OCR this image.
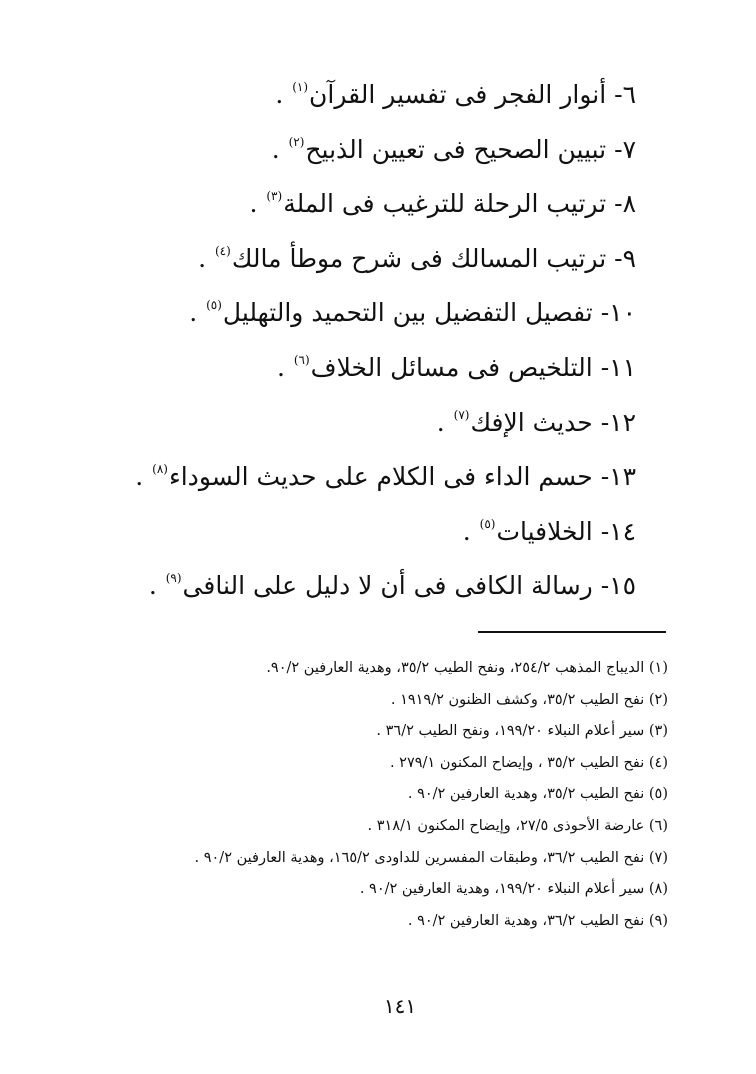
٦- أنوار الفجر فى تفسير القرآن$^{(١)}$ .
٧- تبيين الصحيح فى تعيين الذبيح$^{(٢)}$ .
٨- ترتيب الرحلة للترغيب فى الملة$^{(٣)}$ .
٩- ترتيب المسالك فى شرح موطأ مالك$^{(٤)}$ .
١٠- تفصيل التفضيل بين التحميد والتهليل$^{(٥)}$ .
١١- التلخيص فى مسائل الخلاف$^{(٦)}$ .
١٢- حديث الإفك$^{(٧)}$ .
١٣- حسم الداء فى الكلام على حديث السوداء$^{(٨)}$ .
١٤- الخلافيات$^{(٥)}$ .
١٥- رسالة الكافى فى أن لا دليل على النافى$^{(٩)}$ .
(١) الديباج المذهب ٢٥٤/٢، ونفح الطيب ٣٥/٢، وهدية العارفين ٩٠/٢.
(٢) نفح الطيب ٣٥/٢، وكشف الظنون ١٩١٩/٢ .
(٣) سير أعلام النبلاء ١٩٩/٢٠، ونفح الطيب ٣٦/٢ .
(٤) نفح الطيب ٣٥/٢ ، وإيضاح المكنون ٢٧٩/١ .
(٥) نفح الطيب ٣٥/٢، وهدية العارفين ٩٠/٢ .
(٦) عارضة الأحوذى ٢٧/٥، وإيضاح المكنون ٣١٨/١ .
(٧) نفح الطيب ٣٦/٢، وطبقات المفسرين للداودى ١٦٥/٢، وهدية العارفين ٩٠/٢ .
(٨) سير أعلام النبلاء ١٩٩/٢٠، وهدية العارفين ٩٠/٢ .
(٩) نفح الطيب ٣٦/٢، وهدية العارفين ٩٠/٢ .
١٤١
